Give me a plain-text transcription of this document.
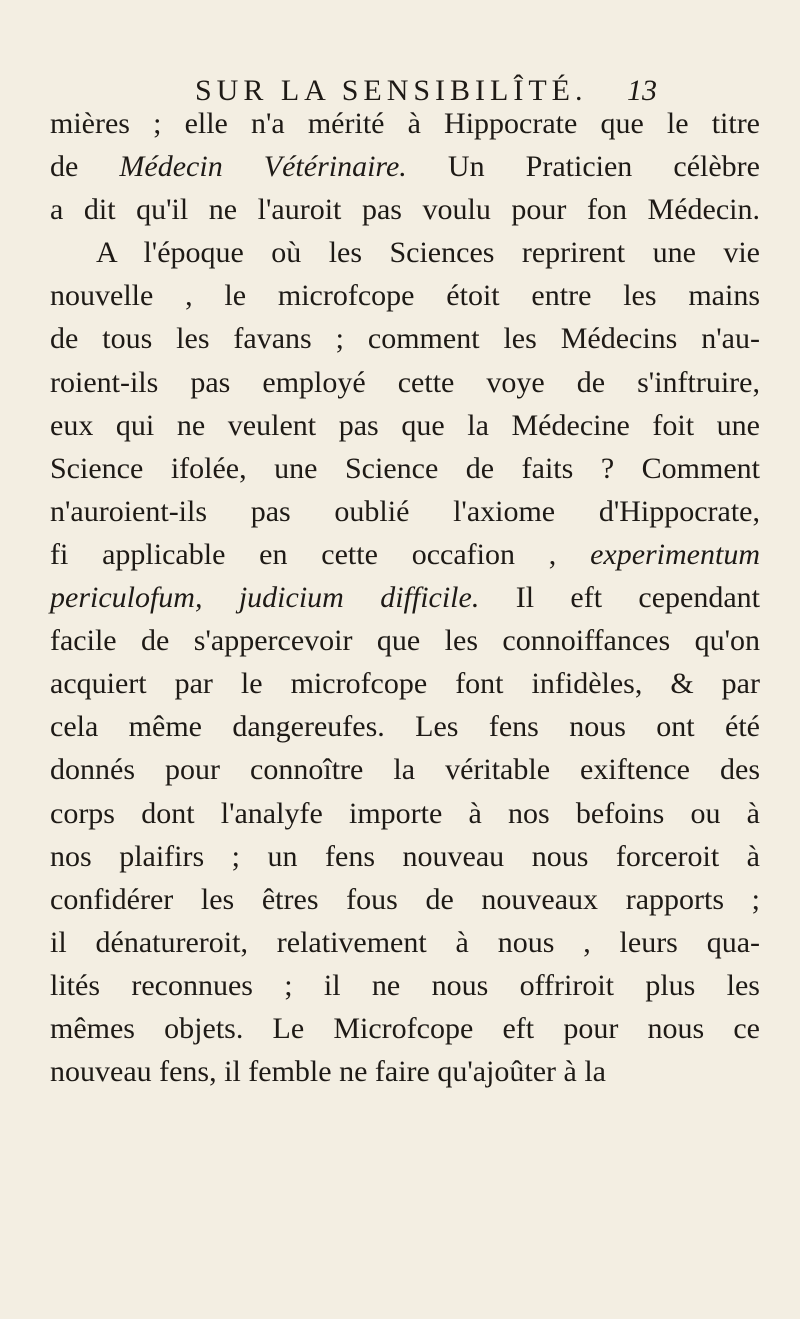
SUR LA SENSIBILÎTÉ. 13
mières ; elle n'a mérité à Hippocrate que le titre
de Médecin Vétérinaire. Un Praticien célèbre
a dit qu'il ne l'auroit pas voulu pour fon Médecin.
A l'époque où les Sciences reprirent une vie
nouvelle , le microfcope étoit entre les mains
de tous les favans ; comment les Médecins n'au-
roient-ils pas employé cette voye de s'inftruire,
eux qui ne veulent pas que la Médecine foit une
Science ifolée, une Science de faits ? Comment
n'auroient-ils pas oublié l'axiome d'Hippocrate,
fi applicable en cette occafion , experimentum
periculofum, judicium difficile. Il eft cependant
facile de s'appercevoir que les connoiffances qu'on
acquiert par le microfcope font infidèles, & par
cela même dangereufes. Les fens nous ont été
donnés pour connoître la véritable exiftence des
corps dont l'analyfe importe à nos befoins ou à
nos plaifirs ; un fens nouveau nous forceroit à
confidérer les êtres fous de nouveaux rapports ;
il dénatureroit, relativement à nous , leurs qua-
lités reconnues ; il ne nous offriroit plus les
mêmes objets. Le Microfcope eft pour nous ce
nouveau fens, il femble ne faire qu'ajoûter à la
